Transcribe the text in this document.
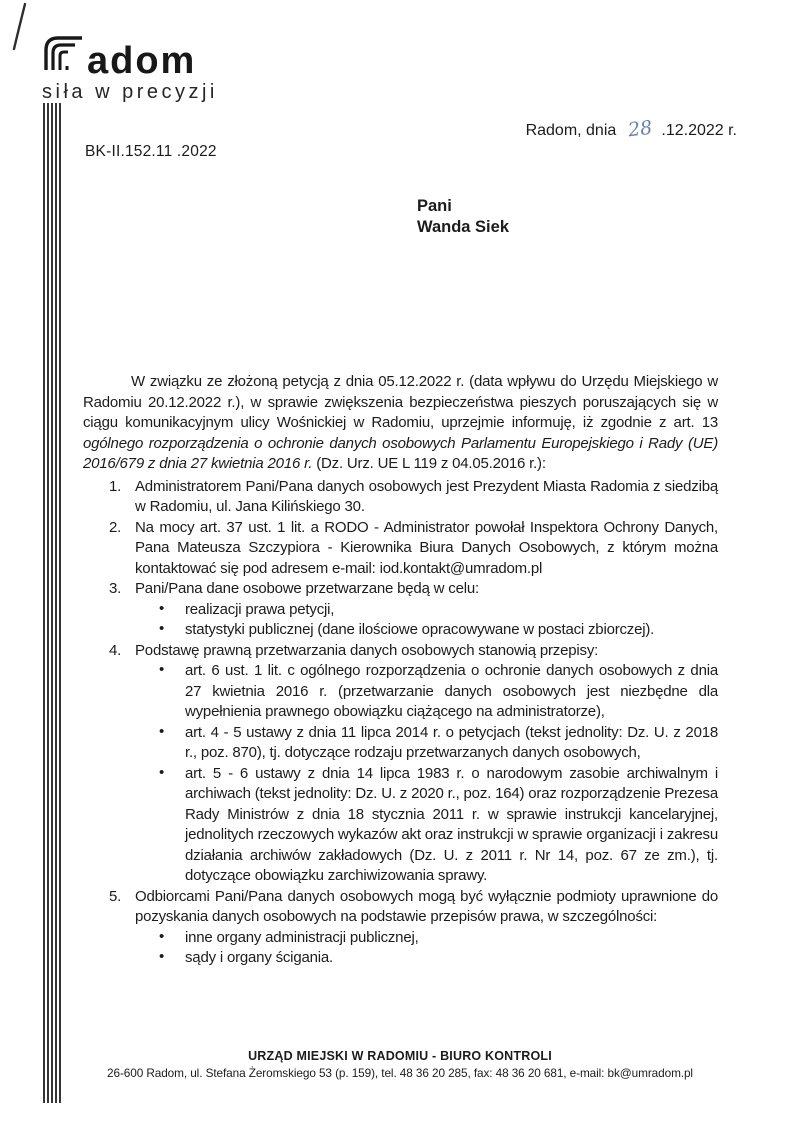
adom
siła w precyzji
Radom, dnia 28 .12.2022 r.
BK-II.152.11 .2022
Pani
Wanda Siek

W związku ze złożoną petycją z dnia 05.12.2022 r. (data wpływu do Urzędu Miejskiego w Radomiu 20.12.2022 r.), w sprawie zwiększenia bezpieczeństwa pieszych poruszających się w ciągu komunikacyjnym ulicy Wośnickiej w Radomiu, uprzejmie informuję, iż zgodnie z art. 13 ogólnego rozporządzenia o ochronie danych osobowych Parlamentu Europejskiego i Rady (UE) 2016/679 z dnia 27 kwietnia 2016 r. (Dz. Urz. UE L 119 z 04.05.2016 r.):

1. Administratorem Pani/Pana danych osobowych jest Prezydent Miasta Radomia z siedzibą w Radomiu, ul. Jana Kilińskiego 30.
2. Na mocy art. 37 ust. 1 lit. a RODO - Administrator powołał Inspektora Ochrony Danych, Pana Mateusza Szczypiora - Kierownika Biura Danych Osobowych, z którym można kontaktować się pod adresem e-mail: iod.kontakt@umradom.pl
3. Pani/Pana dane osobowe przetwarzane będą w celu:
• realizacji prawa petycji,
• statystyki publicznej (dane ilościowe opracowywane w postaci zbiorczej).
4. Podstawę prawną przetwarzania danych osobowych stanowią przepisy:
• art. 6 ust. 1 lit. c ogólnego rozporządzenia o ochronie danych osobowych z dnia 27 kwietnia 2016 r. (przetwarzanie danych osobowych jest niezbędne dla wypełnienia prawnego obowiązku ciążącego na administratorze),
• art. 4 - 5 ustawy z dnia 11 lipca 2014 r. o petycjach (tekst jednolity: Dz. U. z 2018 r., poz. 870), tj. dotyczące rodzaju przetwarzanych danych osobowych,
• art. 5 - 6 ustawy z dnia 14 lipca 1983 r. o narodowym zasobie archiwalnym i archiwach (tekst jednolity: Dz. U. z 2020 r., poz. 164) oraz rozporządzenie Prezesa Rady Ministrów z dnia 18 stycznia 2011 r. w sprawie instrukcji kancelaryjnej, jednolitych rzeczowych wykazów akt oraz instrukcji w sprawie organizacji i zakresu działania archiwów zakładowych (Dz. U. z 2011 r. Nr 14, poz. 67 ze zm.), tj. dotyczące obowiązku zarchiwizowania sprawy.
5. Odbiorcami Pani/Pana danych osobowych mogą być wyłącznie podmioty uprawnione do pozyskania danych osobowych na podstawie przepisów prawa, w szczególności:
• inne organy administracji publicznej,
• sądy i organy ścigania.
URZĄD MIEJSKI W RADOMIU - BIURO KONTROLI
26-600 Radom, ul. Stefana Żeromskiego 53 (p. 159), tel. 48 36 20 285, fax: 48 36 20 681, e-mail: bk@umradom.pl
